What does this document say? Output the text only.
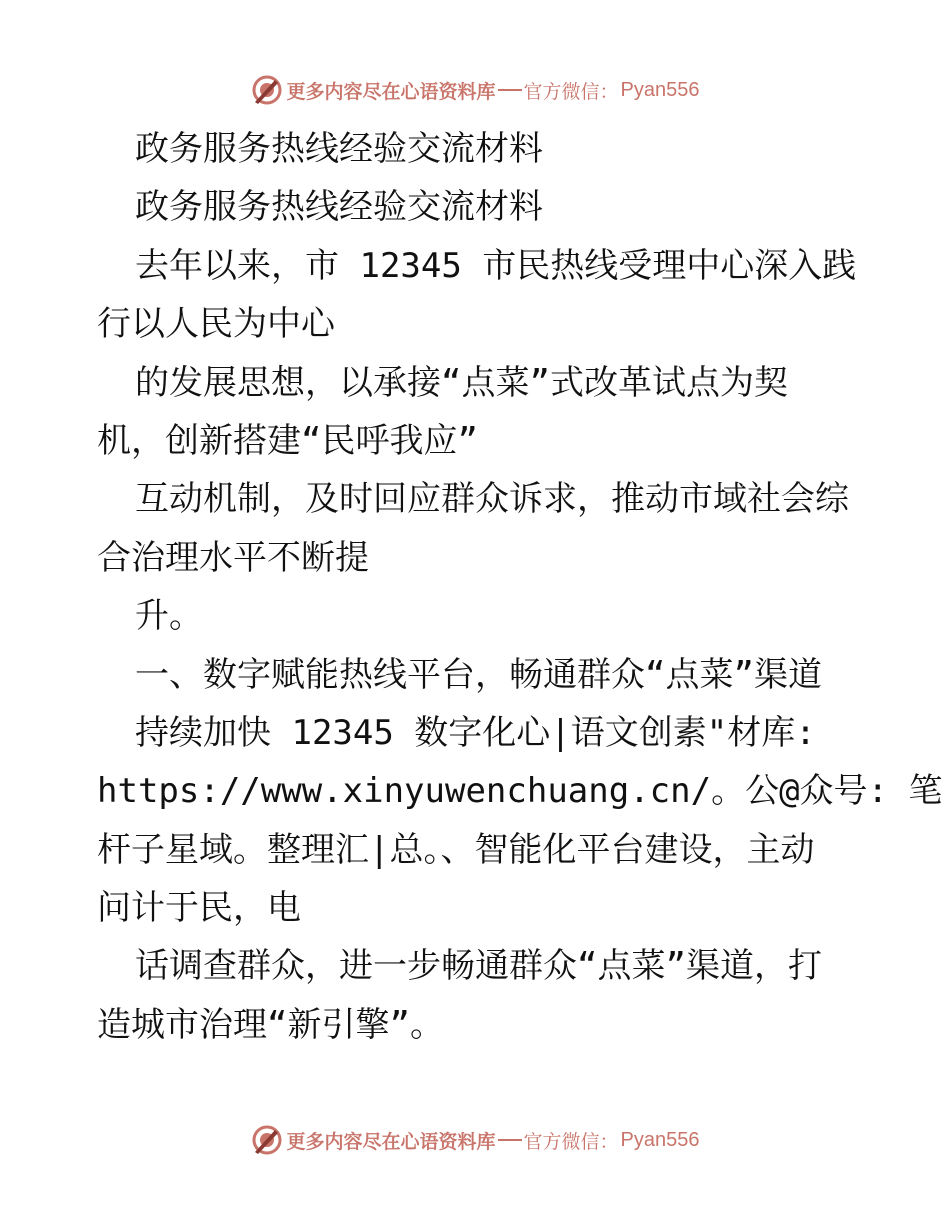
更多内容尽在心语资料库 官方微信： Pyan556
政务服务热线经验交流材料
政务服务热线经验交流材料
去年以来，市 12345 市民热线受理中心深入践
行以人民为中心
的发展思想，以承接“点菜”式改革试点为契
机，创新搭建“民呼我应”
互动机制，及时回应群众诉求，推动市域社会综
合治理水平不断提
升。
一、数字赋能热线平台，畅通群众“点菜”渠道
持续加快 12345 数字化心|语文创素"材库:
https://www.xinyuwenchuang.cn/。公@众号: 笔
杆子星域。整理汇|总。、智能化平台建设，主动
问计于民，电
话调查群众，进一步畅通群众“点菜”渠道，打
造城市治理“新引擎”。
更多内容尽在心语资料库 官方微信： Pyan556
